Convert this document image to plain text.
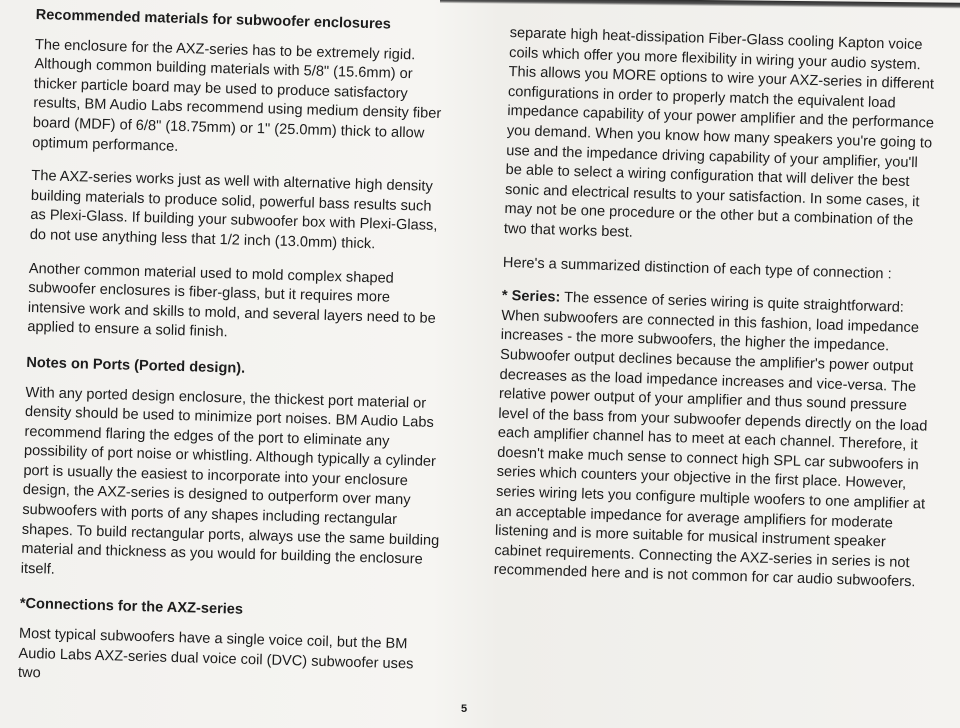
Recommended materials for subwoofer enclosures

The enclosure for the AXZ-series has to be extremely rigid. Although common building materials with 5/8" (15.6mm) or thicker particle board may be used to produce satisfactory results, BM Audio Labs recommend using medium density fiber board (MDF) of 6/8" (18.75mm) or 1" (25.0mm) thick to allow optimum performance.

The AXZ-series works just as well with alternative high density building materials to produce solid, powerful bass results such as Plexi-Glass. If building your subwoofer box with Plexi-Glass, do not use anything less that 1/2 inch (13.0mm) thick.

Another common material used to mold complex shaped subwoofer enclosures is fiber-glass, but it requires more intensive work and skills to mold, and several layers need to be applied to ensure a solid finish.

Notes on Ports (Ported design).

With any ported design enclosure, the thickest port material or density should be used to minimize port noises. BM Audio Labs recommend flaring the edges of the port to eliminate any possibility of port noise or whistling. Although typically a cylinder port is usually the easiest to incorporate into your enclosure design, the AXZ-series is designed to outperform over many subwoofers with ports of any shapes including rectangular shapes. To build rectangular ports, always use the same building material and thickness as you would for building the enclosure itself.

*Connections for the AXZ-series

Most typical subwoofers have a single voice coil, but the BM Audio Labs AXZ-series dual voice coil (DVC) subwoofer uses two

separate high heat-dissipation Fiber-Glass cooling Kapton voice coils which offer you more flexibility in wiring your audio system. This allows you MORE options to wire your AXZ-series in different configurations in order to properly match the equivalent load impedance capability of your power amplifier and the performance you demand. When you know how many speakers you're going to use and the impedance driving capability of your amplifier, you'll be able to select a wiring configuration that will deliver the best sonic and electrical results to your satisfaction. In some cases, it may not be one procedure or the other but a combination of the two that works best.

Here's a summarized distinction of each type of connection :

* Series: The essence of series wiring is quite straightforward: When subwoofers are connected in this fashion, load impedance increases - the more subwoofers, the higher the impedance. Subwoofer output declines because the amplifier's power output decreases as the load impedance increases and vice-versa. The relative power output of your amplifier and thus sound pressure level of the bass from your subwoofer depends directly on the load each amplifier channel has to meet at each channel. Therefore, it doesn't make much sense to connect high SPL car subwoofers in series which counters your objective in the first place. However, series wiring lets you configure multiple woofers to one amplifier at an acceptable impedance for average amplifiers for moderate listening and is more suitable for musical instrument speaker cabinet requirements. Connecting the AXZ-series in series is not recommended here and is not common for car audio subwoofers.

5
